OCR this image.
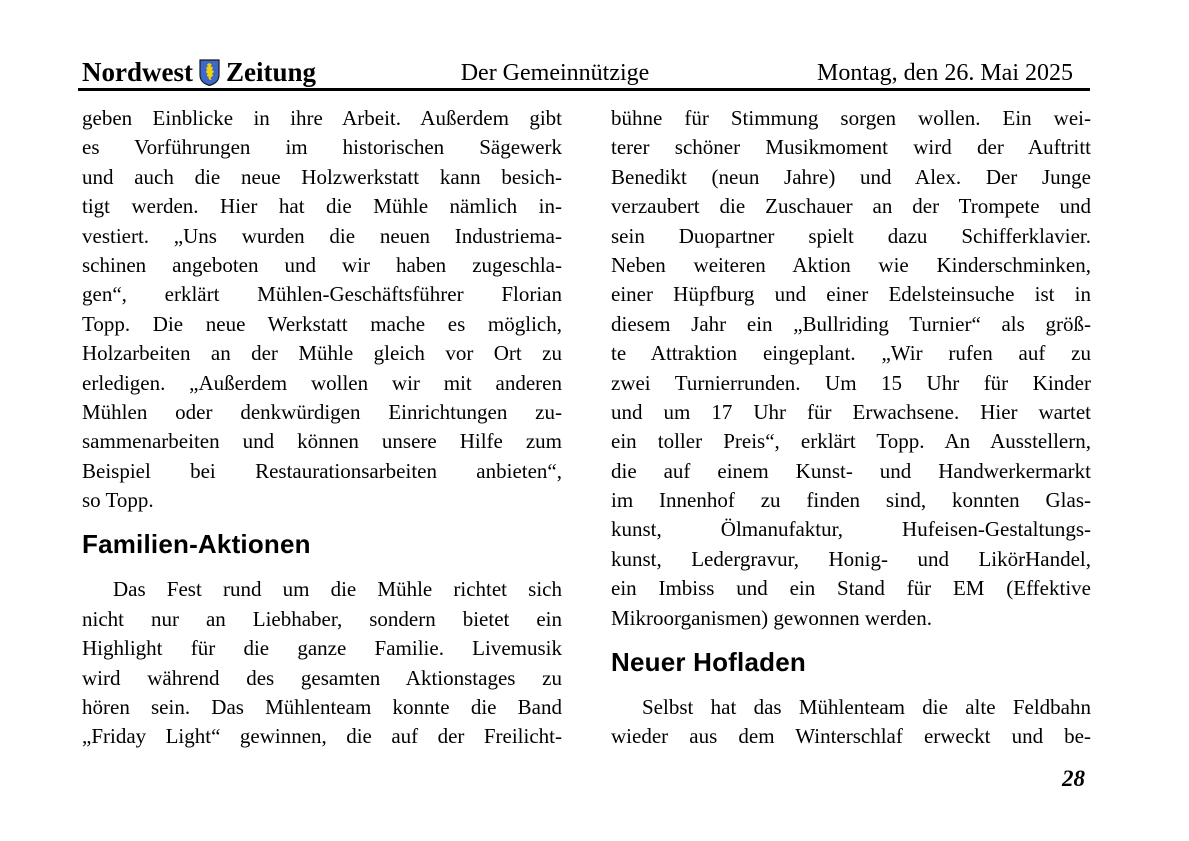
Nordwest Zeitung	Der Gemeinnützige	Montag, den 26. Mai 2025
geben Einblicke in ihre Arbeit. Außerdem gibt
es Vorführungen im historischen Sägewerk
und auch die neue Holzwerkstatt kann besich-
tigt werden. Hier hat die Mühle nämlich in-
vestiert. „Uns wurden die neuen Industriema-
schinen angeboten und wir haben zugeschla-
gen“, erklärt Mühlen-Geschäftsführer Florian
Topp. Die neue Werkstatt mache es möglich,
Holzarbeiten an der Mühle gleich vor Ort zu
erledigen. „Außerdem wollen wir mit anderen
Mühlen oder denkwürdigen Einrichtungen zu-
sammenarbeiten und können unsere Hilfe zum
Beispiel bei Restaurationsarbeiten anbieten“,
so Topp.
Familien-Aktionen
Das Fest rund um die Mühle richtet sich
nicht nur an Liebhaber, sondern bietet ein
Highlight für die ganze Familie. Livemusik
wird während des gesamten Aktionstages zu
hören sein. Das Mühlenteam konnte die Band
„Friday Light“ gewinnen, die auf der Freilicht-
bühne für Stimmung sorgen wollen. Ein wei-
terer schöner Musikmoment wird der Auftritt
Benedikt (neun Jahre) und Alex. Der Junge
verzaubert die Zuschauer an der Trompete und
sein Duopartner spielt dazu Schifferklavier.
Neben weiteren Aktion wie Kinderschminken,
einer Hüpfburg und einer Edelsteinsuche ist in
diesem Jahr ein „Bullriding Turnier“ als größ-
te Attraktion eingeplant. „Wir rufen auf zu
zwei Turnierrunden. Um 15 Uhr für Kinder
und um 17 Uhr für Erwachsene. Hier wartet
ein toller Preis“, erklärt Topp. An Ausstellern,
die auf einem Kunst- und Handwerkermarkt
im Innenhof zu finden sind, konnten Glas-
kunst, Ölmanufaktur, Hufeisen-Gestaltungs-
kunst, Ledergravur, Honig- und LikörHandel,
ein Imbiss und ein Stand für EM (Effektive
Mikroorganismen) gewonnen werden.
Neuer Hofladen
Selbst hat das Mühlenteam die alte Feldbahn
wieder aus dem Winterschlaf erweckt und be-
28
